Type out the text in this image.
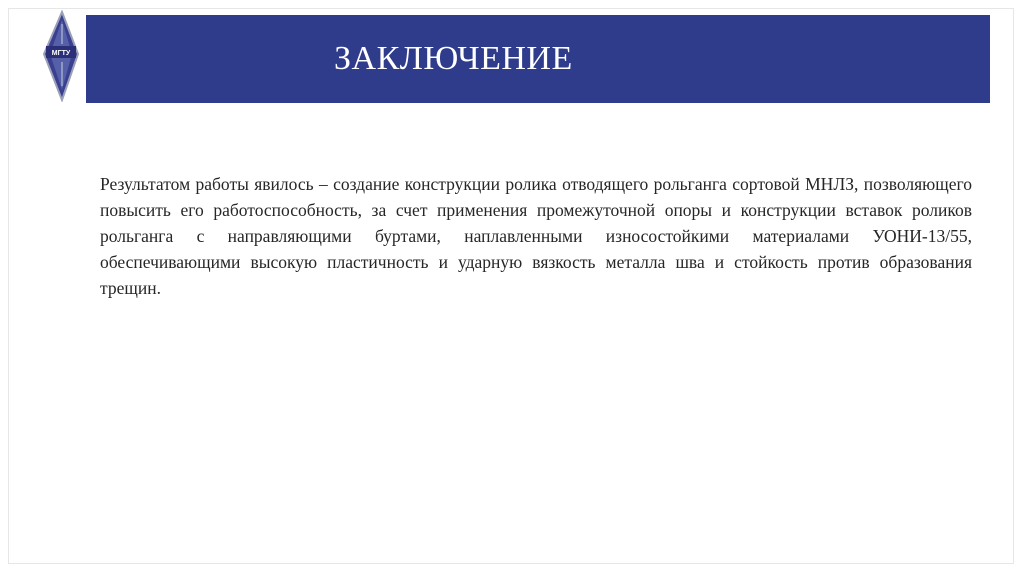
МГТУ	ЗАКЛЮЧЕНИЕ

Результатом работы явилось – создание конструкции ролика отводящего рольганга сортовой МНЛЗ, позволяющего повысить его работоспособность, за счет применения промежуточной опоры и конструкции вставок роликов рольганга с направляющими буртами, наплавленными износостойкими материалами УОНИ-13/55, обеспечивающими высокую пластичность и ударную вязкость металла шва и стойкость против образования трещин.
